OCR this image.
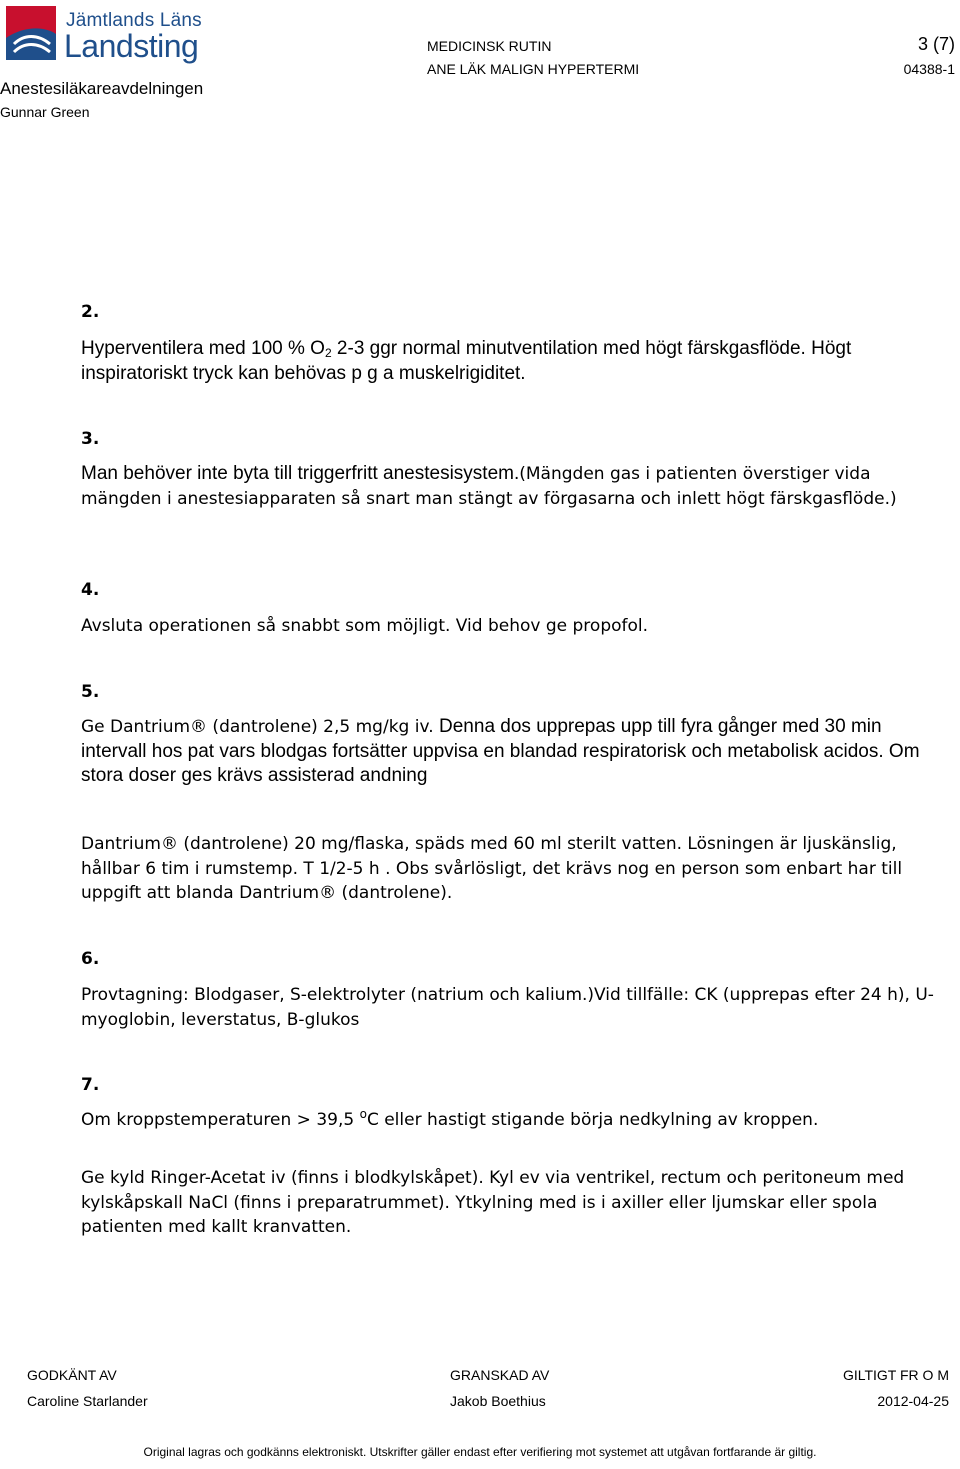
Jämtlands Läns
Landsting
Anestesiläkareavdelningen
Gunnar Green
MEDICINSK RUTIN
ANE LÄK MALIGN HYPERTERMI
3 (7)
04388-1
2.
Hyperventilera med 100 % $O_2$ 2-3 ggr normal minutventilation med högt färskgasflöde. Högt inspiratoriskt tryck kan behövas p g a muskelrigiditet.
3.
Man behöver inte byta till triggerfritt anestesisystem.(Mängden gas i patienten överstiger vida mängden i anestesiapparaten så snart man stängt av förgasarna och inlett högt färskgasflöde.)
4.
Avsluta operationen så snabbt som möjligt. Vid behov ge propofol.
5.
Ge Dantrium® (dantrolene) 2,5 mg/kg iv. Denna dos upprepas upp till fyra gånger med 30 min intervall hos pat vars blodgas fortsätter uppvisa en blandad respiratorisk och metabolisk acidos. Om stora doser ges krävs assisterad andning
Dantrium® (dantrolene) 20 mg/flaska, späds med 60 ml sterilt vatten. Lösningen är ljuskänslig, hållbar 6 tim i rumstemp. T 1/2-5 h . Obs svårlösligt, det krävs nog en person som enbart har till uppgift att blanda Dantrium® (dantrolene).
6.
Provtagning: Blodgaser, S-elektrolyter (natrium och kalium.)Vid tillfälle: CK (upprepas efter 24 h), U-myoglobin, leverstatus, B-glukos
7.
Om kroppstemperaturen > 39,5 $^o$C eller hastigt stigande börja nedkylning av kroppen.
Ge kyld Ringer-Acetat iv (finns i blodkylskåpet). Kyl ev via ventrikel, rectum och peritoneum med kylskåpskall NaCl (finns i preparatrummet). Ytkylning med is i axiller eller ljumskar eller spola patienten med kallt kranvatten.
GODKÄNT AV
Caroline Starlander
GRANSKAD AV
Jakob Boethius
GILTIGT FR O M
2012-04-25
Original lagras och godkänns elektroniskt. Utskrifter gäller endast efter verifiering mot systemet att utgåvan fortfarande är giltig.
